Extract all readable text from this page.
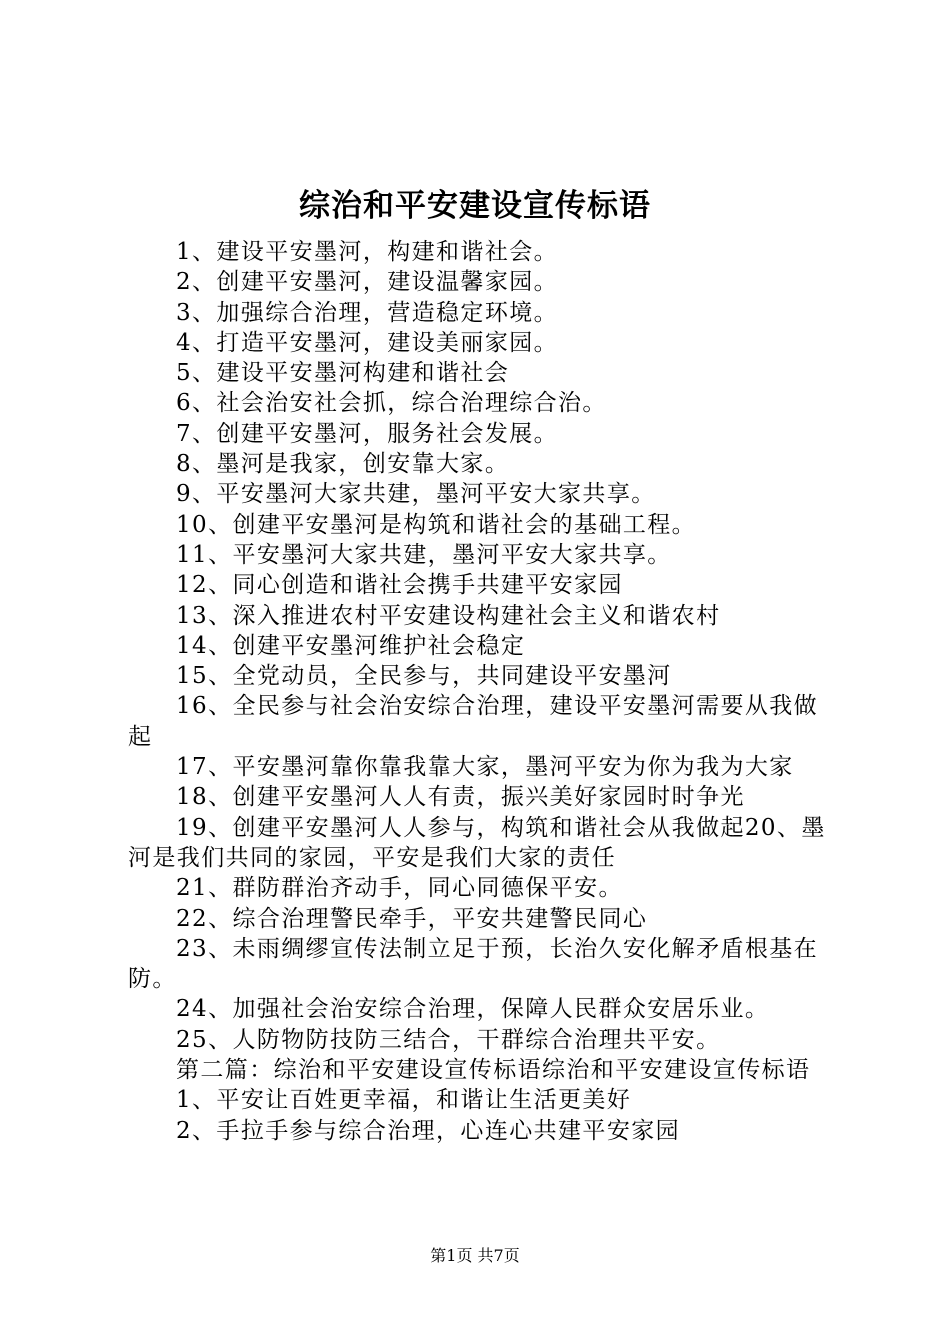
综治和平安建设宣传标语

1、建设平安墨河，构建和谐社会。

2、创建平安墨河，建设温馨家园。

3、加强综合治理，营造稳定环境。

4、打造平安墨河，建设美丽家园。

5、建设平安墨河构建和谐社会

6、社会治安社会抓，综合治理综合治。

7、创建平安墨河，服务社会发展。

8、墨河是我家，创安靠大家。

9、平安墨河大家共建，墨河平安大家共享。

10、创建平安墨河是构筑和谐社会的基础工程。

11、平安墨河大家共建，墨河平安大家共享。

12、同心创造和谐社会携手共建平安家园

13、深入推进农村平安建设构建社会主义和谐农村

14、创建平安墨河维护社会稳定

15、全党动员，全民参与，共同建设平安墨河

16、全民参与社会治安综合治理，建设平安墨河需要从我做起

17、平安墨河靠你靠我靠大家，墨河平安为你为我为大家

18、创建平安墨河人人有责，振兴美好家园时时争光

19、创建平安墨河人人参与，构筑和谐社会从我做起20、墨河是我们共同的家园，平安是我们大家的责任

21、群防群治齐动手，同心同德保平安。

22、综合治理警民牵手，平安共建警民同心

23、未雨绸缪宣传法制立足于预，长治久安化解矛盾根基在防。

24、加强社会治安综合治理，保障人民群众安居乐业。

25、人防物防技防三结合，干群综合治理共平安。

第二篇：综治和平安建设宣传标语综治和平安建设宣传标语

1、平安让百姓更幸福，和谐让生活更美好

2、手拉手参与综合治理，心连心共建平安家园

第1页 共7页
